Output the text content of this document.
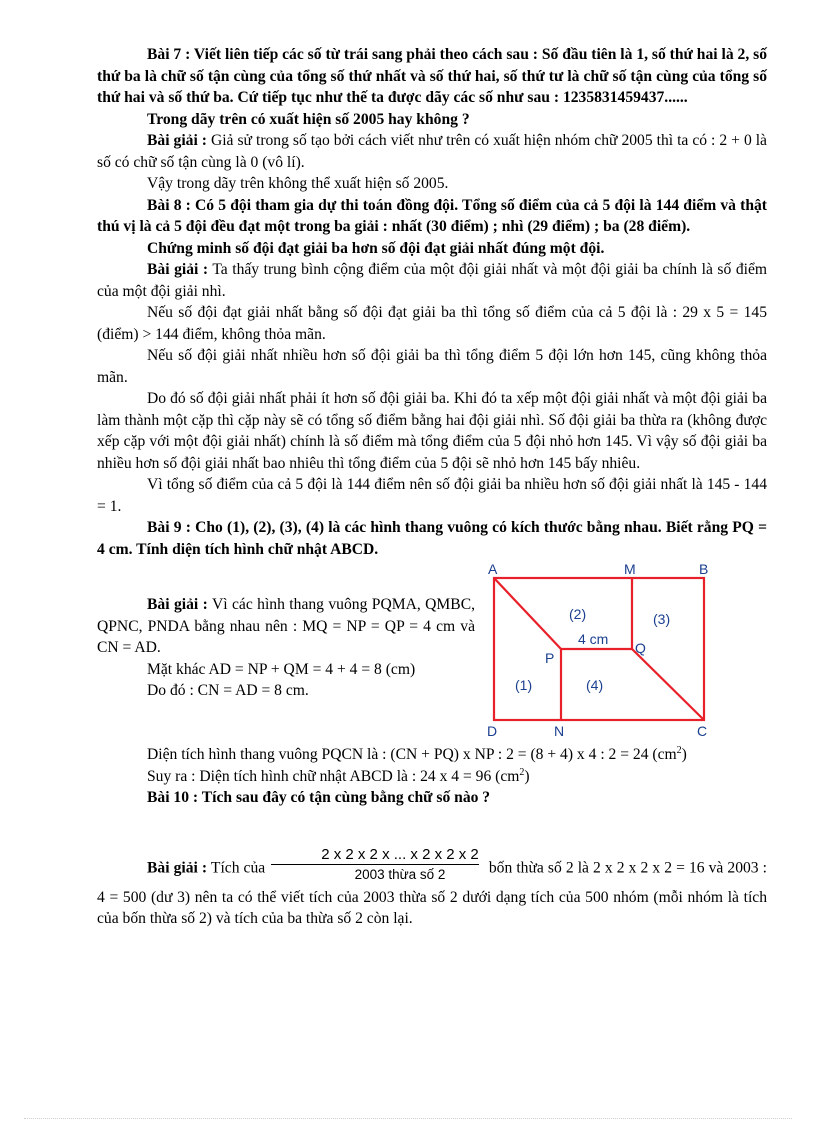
Bài 7 : Viết liên tiếp các số từ trái sang phải theo cách sau : Số đầu tiên là 1, số thứ hai là 2, số thứ ba là chữ số tận cùng của tổng số thứ nhất và số thứ hai, số thứ tư là chữ số tận cùng của tổng số thứ hai và số thứ ba. Cứ tiếp tục như thế ta được dãy các số như sau : 1235831459437......

Trong dãy trên có xuất hiện số 2005 hay không ?

Bài giải : Giả sử trong số tạo bởi cách viết như trên có xuất hiện nhóm chữ 2005 thì ta có : 2 + 0 là số có chữ số tận cùng là 0 (vô lí).

Vậy trong dãy trên không thể xuất hiện số 2005.

Bài 8 : Có 5 đội tham gia dự thi toán đồng đội. Tổng số điểm của cả 5 đội là 144 điểm và thật thú vị là cả 5 đội đều đạt một trong ba giải : nhất (30 điểm) ; nhì (29 điểm) ; ba (28 điểm).

Chứng minh số đội đạt giải ba hơn số đội đạt giải nhất đúng một đội.

Bài giải : Ta thấy trung bình cộng điểm của một đội giải nhất và một đội giải ba chính là số điểm của một đội giải nhì.

Nếu số đội đạt giải nhất bằng số đội đạt giải ba thì tổng số điểm của cả 5 đội là : 29 x 5 = 145 (điểm) > 144 điểm, không thỏa mãn.

Nếu số đội giải nhất nhiều hơn số đội giải ba thì tổng điểm 5 đội lớn hơn 145, cũng không thỏa mãn.

Do đó số đội giải nhất phải ít hơn số đội giải ba. Khi đó ta xếp một đội giải nhất và một đội giải ba làm thành một cặp thì cặp này sẽ có tổng số điểm bằng hai đội giải nhì. Số đội giải ba thừa ra (không được xếp cặp với một đội giải nhất) chính là số điểm mà tổng điểm của 5 đội nhỏ hơn 145. Vì vậy số đội giải ba nhiều hơn số đội giải nhất bao nhiêu thì tổng điểm của 5 đội sẽ nhỏ hơn 145 bấy nhiêu.

Vì tổng số điểm của cả 5 đội là 144 điểm nên số đội giải ba nhiều hơn số đội giải nhất là 145 - 144 = 1.

Bài 9 : Cho (1), (2), (3), (4) là các hình thang vuông có kích thước bằng nhau. Biết rằng PQ = 4 cm. Tính diện tích hình chữ nhật ABCD.

A	M	B
D	N	C
P
Q
(2)	(3)
(1)	(4)
4 cm

Bài giải : Vì các hình thang vuông PQMA, QMBC, QPNC, PNDA bằng nhau nên : MQ = NP = QP = 4 cm và CN = AD.

Mặt khác AD = NP + QM = 4 + 4 = 8 (cm)

Do đó : CN = AD = 8 cm.

Diện tích hình thang vuông PQCN là : (CN + PQ) x NP : 2 = (8 + 4) x 4 : 2 = 24 $(cm^2)$

Suy ra : Diện tích hình chữ nhật ABCD là : 24 x 4 = 96 $(cm^2)$

Bài 10 : Tích sau đây có tận cùng bằng chữ số nào ?

Bài giải : Tích của
2 x 2 x 2 x ... x 2 x 2 x 2
2003 thừa số 2	bốn thừa số 2 là 2 x 2 x 2 x 2 = 16 và 2003 : 4 = 500 (dư 3) nên ta có thể viết tích của 2003 thừa số 2 dưới dạng tích của 500 nhóm (mỗi nhóm là tích của bốn thừa số 2) và tích của ba thừa số 2 còn lại.
